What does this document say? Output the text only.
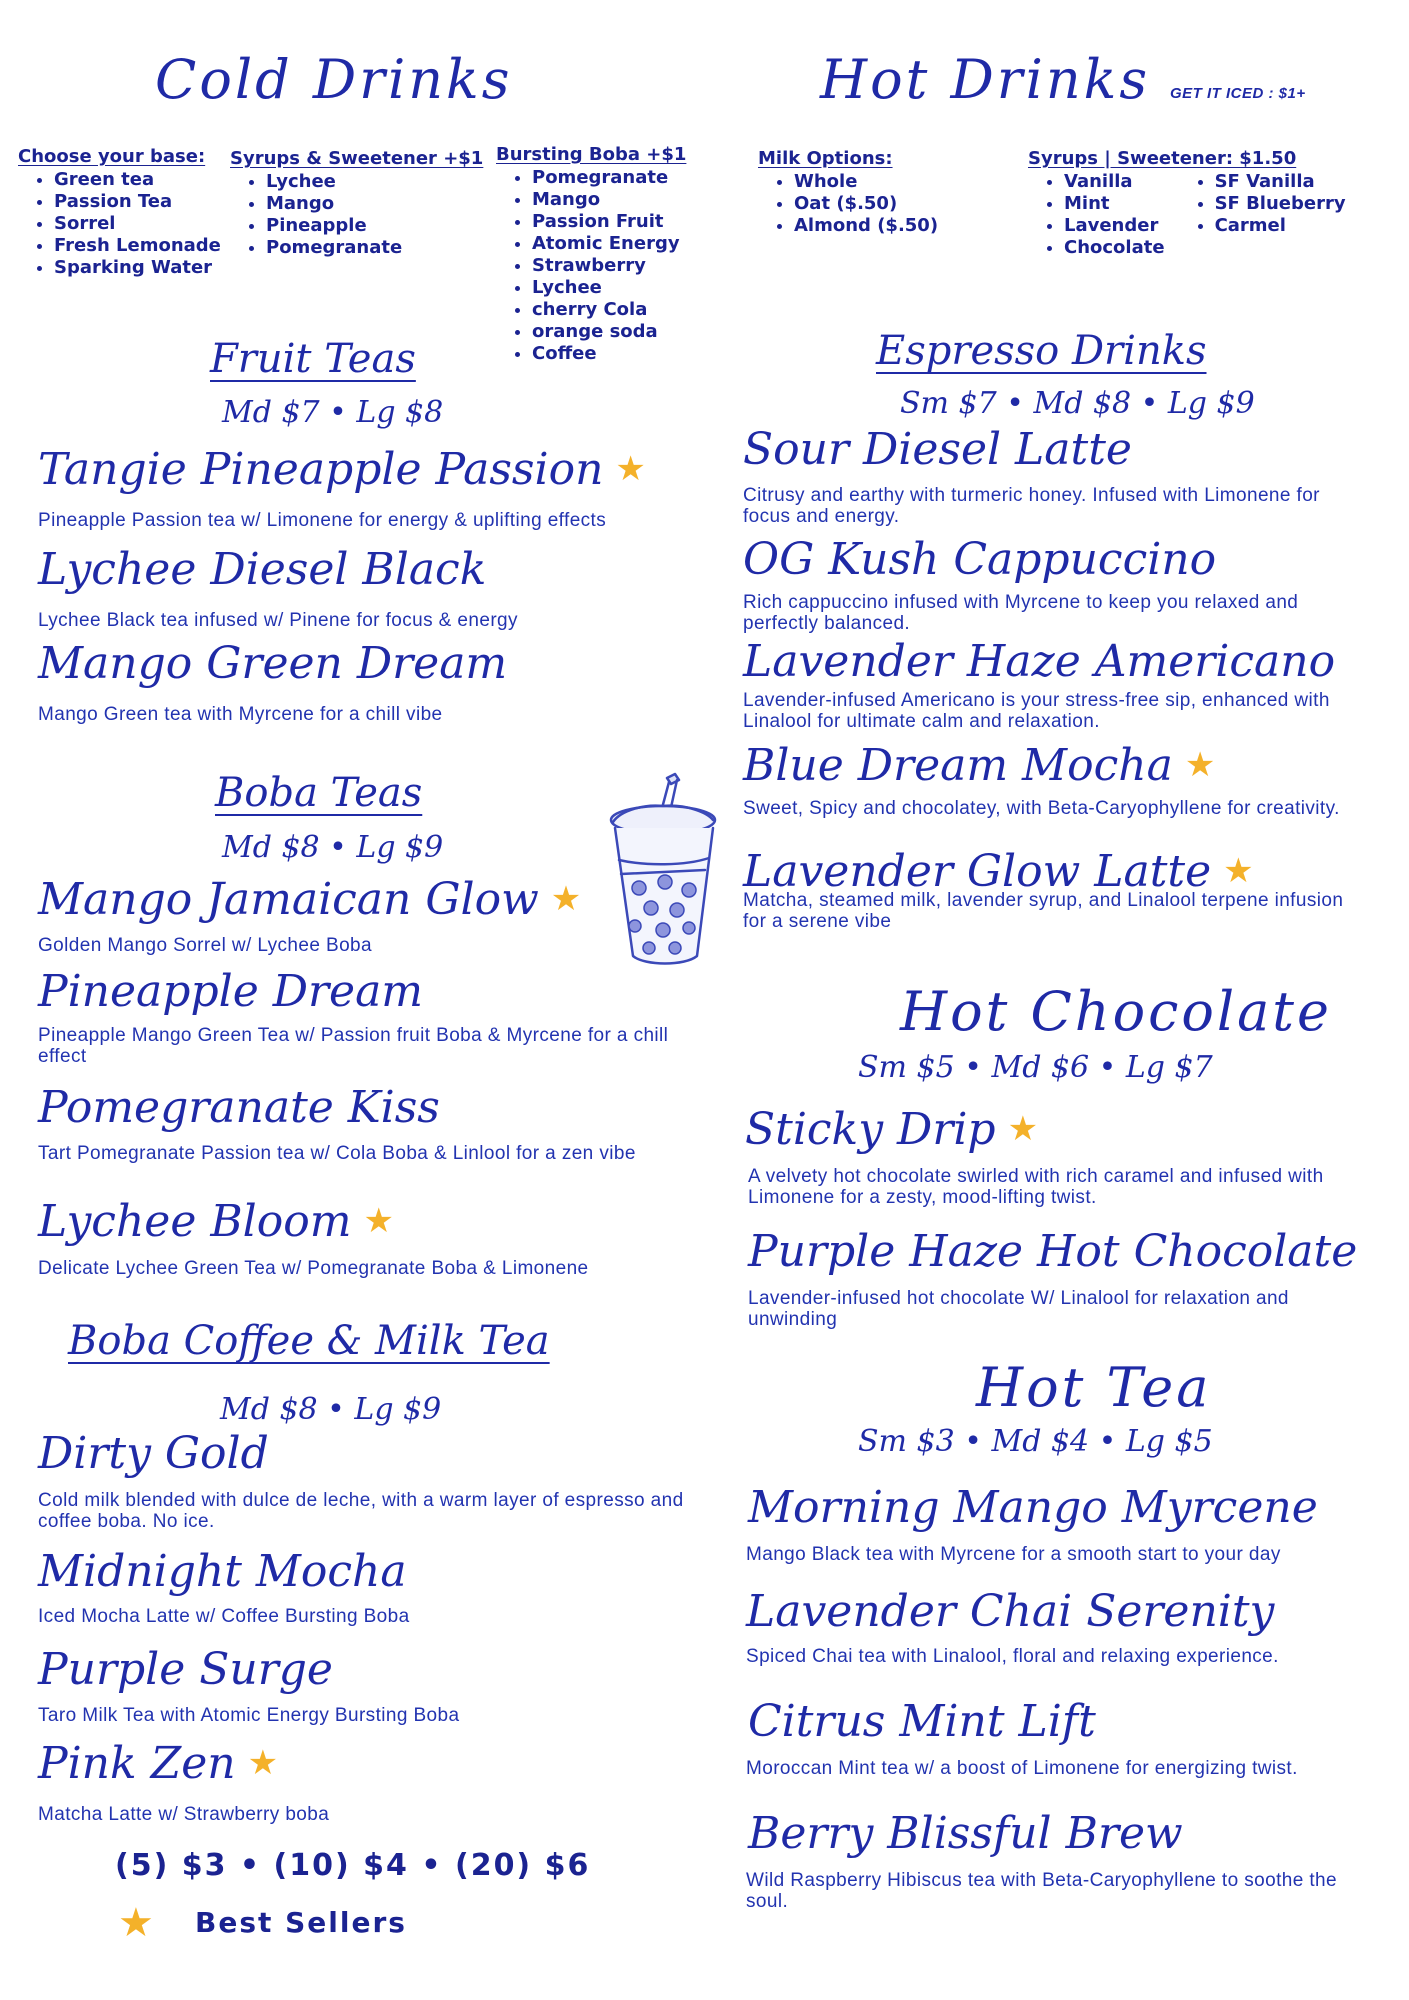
Cold Drinks	Hot Drinks GET IT ICED : $1+
Choose your base:
• Green tea
• Passion Tea
• Sorrel
• Fresh Lemonade
• Sparking Water
Syrups & Sweetener +$1
• Lychee
• Mango
• Pineapple
• Pomegranate
Bursting Boba +$1
• Pomegranate
• Mango
• Passion Fruit
• Atomic Energy
• Strawberry
• Lychee
• cherry Cola
• orange soda
• Coffee
Milk Options:
• Whole
• Oat ($.50)
• Almond ($.50)
Syrups | Sweetener: $1.50
• Vanilla
• Mint
• Lavender
• Chocolate
• SF Vanilla
• SF Blueberry
• Carmel
Fruit Teas
Md $7 • Lg $8
Tangie Pineapple Passion ★
Pineapple Passion tea w/ Limonene for energy & uplifting effects
Lychee Diesel Black
Lychee Black tea infused w/ Pinene for focus & energy
Mango Green Dream
Mango Green tea with Myrcene for a chill vibe
Boba Teas
Md $8 • Lg $9
Mango Jamaican Glow ★
Golden Mango Sorrel w/ Lychee Boba
Pineapple Dream
Pineapple Mango Green Tea w/ Passion fruit Boba & Myrcene for a chill effect
Pomegranate Kiss
Tart Pomegranate Passion tea w/ Cola Boba & Linlool for a zen vibe
Lychee Bloom ★
Delicate Lychee Green Tea w/ Pomegranate Boba & Limonene
Boba Coffee & Milk Tea
Md $8 • Lg $9
Dirty Gold
Cold milk blended with dulce de leche, with a warm layer of espresso and coffee boba. No ice.
Midnight Mocha
Iced Mocha Latte w/ Coffee Bursting Boba
Purple Surge
Taro Milk Tea with Atomic Energy Bursting Boba
Pink Zen ★
Matcha Latte w/ Strawberry boba
(5) $3 • (10) $4 • (20) $6
★ Best Sellers
Espresso Drinks
Sm $7 • Md $8 • Lg $9
Sour Diesel Latte
Citrusy and earthy with turmeric honey. Infused with Limonene for focus and energy.
OG Kush Cappuccino
Rich cappuccino infused with Myrcene to keep you relaxed and perfectly balanced.
Lavender Haze Americano
Lavender-infused Americano is your stress-free sip, enhanced with Linalool for ultimate calm and relaxation.
Blue Dream Mocha ★
Sweet, Spicy and chocolatey, with Beta-Caryophyllene for creativity.
Lavender Glow Latte ★
Matcha, steamed milk, lavender syrup, and Linalool terpene infusion for a serene vibe
Hot Chocolate
Sm $5 • Md $6 • Lg $7
Sticky Drip ★
A velvety hot chocolate swirled with rich caramel and infused with Limonene for a zesty, mood-lifting twist.
Purple Haze Hot Chocolate
Lavender-infused hot chocolate W/ Linalool for relaxation and unwinding
Hot Tea
Sm $3 • Md $4 • Lg $5
Morning Mango Myrcene
Mango Black tea with Myrcene for a smooth start to your day
Lavender Chai Serenity
Spiced Chai tea with Linalool, floral and relaxing experience.
Citrus Mint Lift
Moroccan Mint tea w/ a boost of Limonene for energizing twist.
Berry Blissful Brew
Wild Raspberry Hibiscus tea with Beta-Caryophyllene to soothe the soul.
